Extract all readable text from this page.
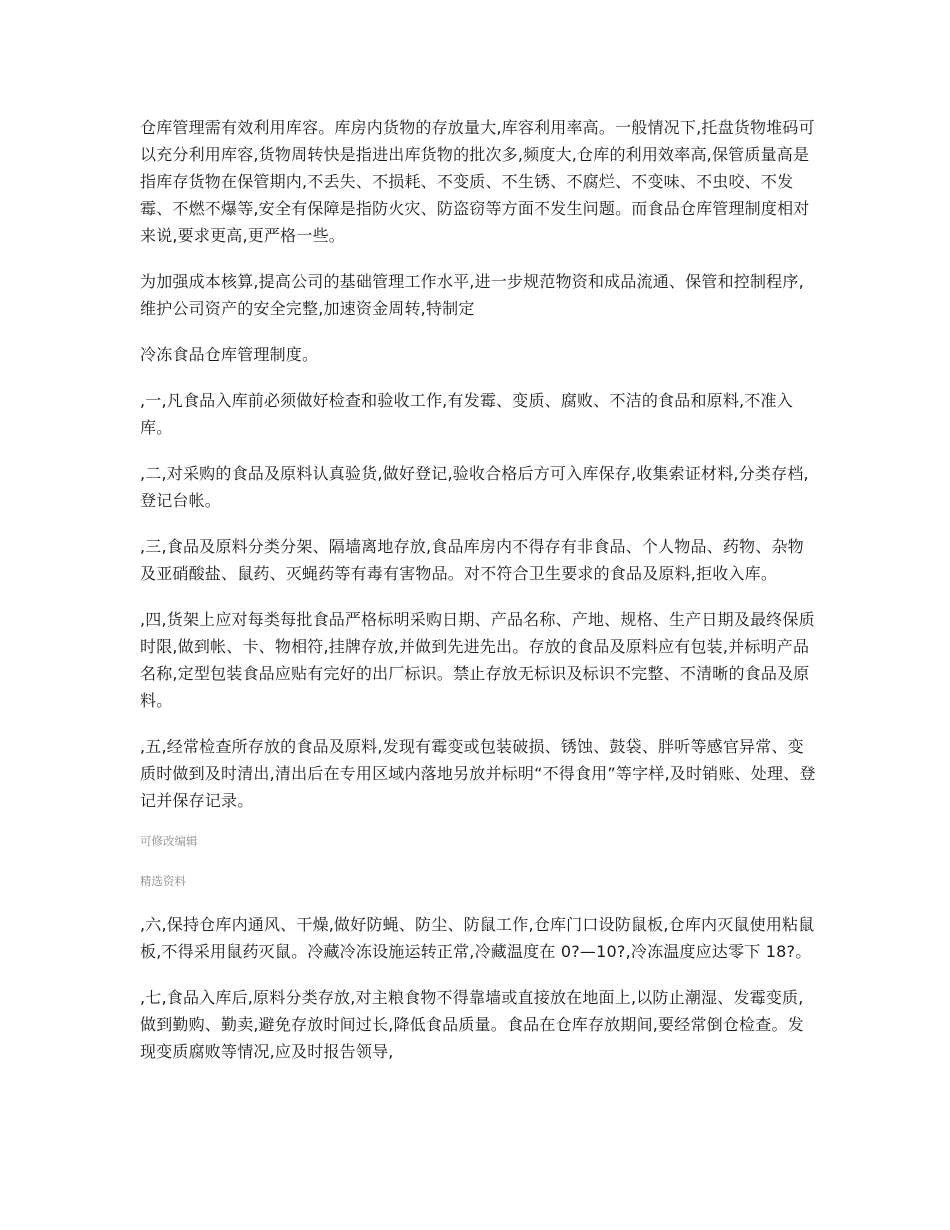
仓库管理需有效利用库容。库房内货物的存放量大,库容利用率高。一般情况下,托盘货物堆码可以充分利用库容,货物周转快是指进出库货物的批次多,频度大,仓库的利用效率高,保管质量高是指库存货物在保管期内,不丢失、不损耗、不变质、不生锈、不腐烂、不变味、不虫咬、不发霉、不燃不爆等,安全有保障是指防火灾、防盗窃等方面不发生问题。而食品仓库管理制度相对来说,要求更高,更严格一些。

为加强成本核算,提高公司的基础管理工作水平,进一步规范物资和成品流通、保管和控制程序,维护公司资产的安全完整,加速资金周转,特制定

冷冻食品仓库管理制度。

,一,凡食品入库前必须做好检查和验收工作,有发霉、变质、腐败、不洁的食品和原料,不准入库。

,二,对采购的食品及原料认真验货,做好登记,验收合格后方可入库保存,收集索证材料,分类存档,登记台帐。

,三,食品及原料分类分架、隔墙离地存放,食品库房内不得存有非食品、个人物品、药物、杂物及亚硝酸盐、鼠药、灭蝇药等有毒有害物品。对不符合卫生要求的食品及原料,拒收入库。

,四,货架上应对每类每批食品严格标明采购日期、产品名称、产地、规格、生产日期及最终保质时限,做到帐、卡、物相符,挂牌存放,并做到先进先出。存放的食品及原料应有包装,并标明产品名称,定型包装食品应贴有完好的出厂标识。禁止存放无标识及标识不完整、不清晰的食品及原料。

,五,经常检查所存放的食品及原料,发现有霉变或包装破损、锈蚀、鼓袋、胖听等感官异常、变质时做到及时清出,清出后在专用区域内落地另放并标明“不得食用”等字样,及时销账、处理、登记并保存记录。

可修改编辑

精选资料

,六,保持仓库内通风、干燥,做好防蝇、防尘、防鼠工作,仓库门口设防鼠板,仓库内灭鼠使用粘鼠板,不得采用鼠药灭鼠。冷藏冷冻设施运转正常,冷藏温度在 0?—10?,冷冻温度应达零下 18?。

,七,食品入库后,原料分类存放,对主粮食物不得靠墙或直接放在地面上,以防止潮湿、发霉变质,做到勤购、勤卖,避免存放时间过长,降低食品质量。食品在仓库存放期间,要经常倒仓检查。发现变质腐败等情况,应及时报告领导,
